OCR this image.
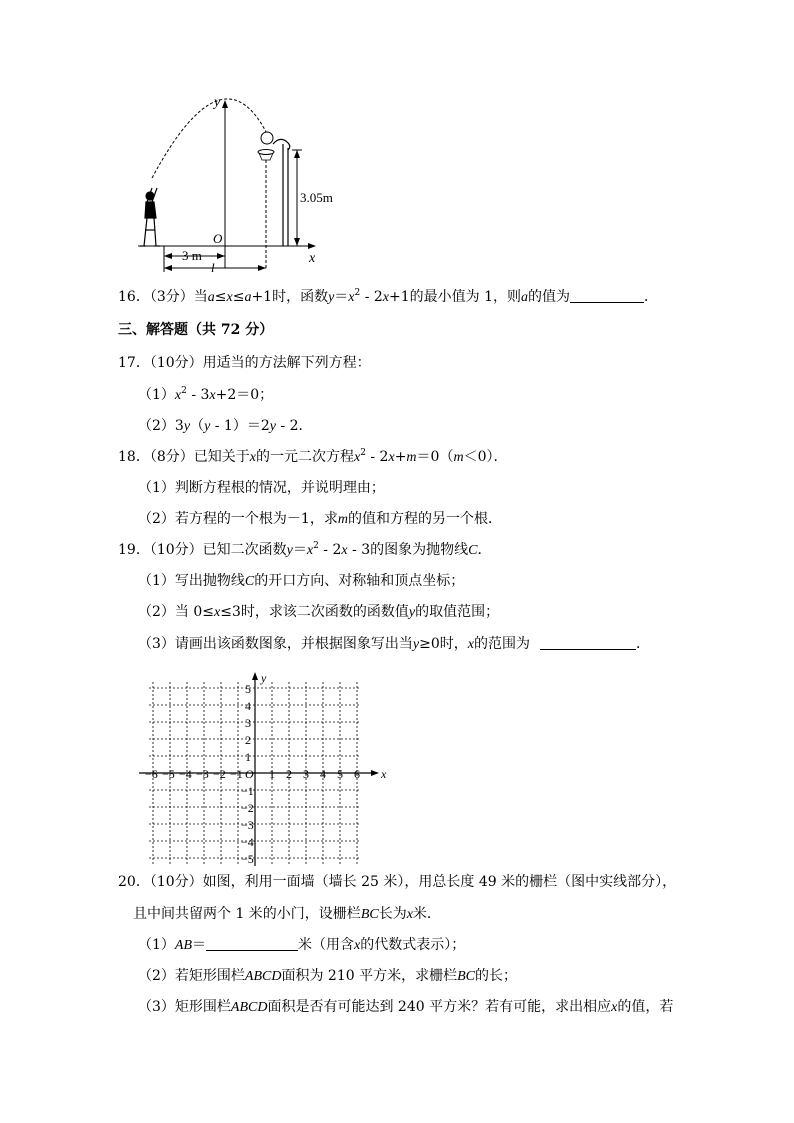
y
x
O
3.05m
3 m
l
16．（3分）当a≤x≤a+1时，函数$y=x^2 - 2x+1$的最小值为 1，则a的值为	．
三、解答题（共 72 分）
17．（10分）用适当的方法解下列方程：
$(1)x^2 - 3x+2=0$；
（2）3y（y - 1）＝2y - 2．
18．（8分）已知关于x的一元二次方程$x^2 - 2x+m=0(m<0)$．
（1）判断方程根的情况，并说明理由；
（2）若方程的一个根为－1，求m的值和方程的另一个根．
19．（10分）已知二次函数$y=x^2 - 2x - 3$的图象为抛物线C．
（1）写出抛物线C的开口方向、对称轴和顶点坐标；
（2）当 0≤x≤3时，求该二次函数的函数值y的取值范围；
（3）请画出该函数图象，并根据图象写出当y≥0时，x的范围为	．
x
y
O
−6 −5 −4 −3 −2 −1 1 2 3 4 5 6
5
4
3
2
1
−1
−2
−3
−4
−5
20．（10分）如图，利用一面墙（墙长 25 米），用总长度 49 米的栅栏（图中实线部分），
且中间共留两个 1 米的小门，设栅栏BC长为x米．
（1）AB＝	米（用含x的代数式表示）；
（2）若矩形围栏ABCD面积为 210 平方米，求栅栏BC的长；
（3）矩形围栏ABCD面积是否有可能达到 240 平方米？若有可能，求出相应x的值，若
